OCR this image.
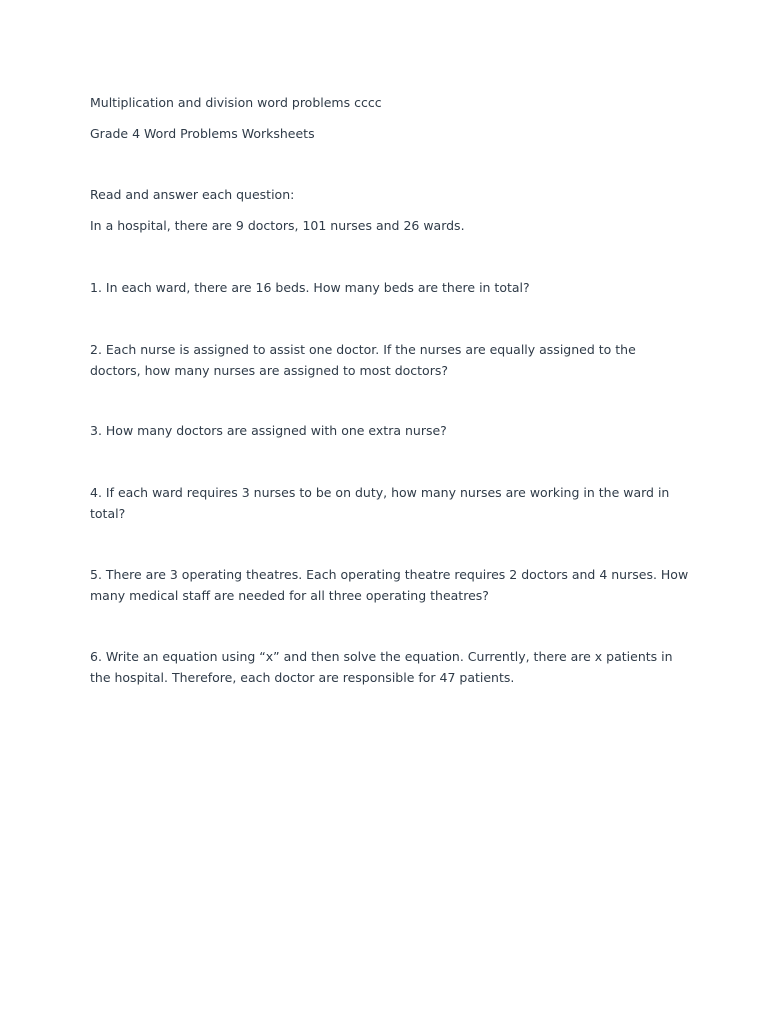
Multiplication and division word problems cccc
Grade 4 Word Problems Worksheets
Read and answer each question:
In a hospital, there are 9 doctors, 101 nurses and 26 wards.
1. In each ward, there are 16 beds. How many beds are there in total?
2. Each nurse is assigned to assist one doctor. If the nurses are equally assigned to the doctors, how many nurses are assigned to most doctors?
3. How many doctors are assigned with one extra nurse?
4. If each ward requires 3 nurses to be on duty, how many nurses are working in the ward in total?
5. There are 3 operating theatres. Each operating theatre requires 2 doctors and 4 nurses. How many medical staff are needed for all three operating theatres?
6. Write an equation using “x” and then solve the equation. Currently, there are x patients in the hospital. Therefore, each doctor are responsible for 47 patients.
